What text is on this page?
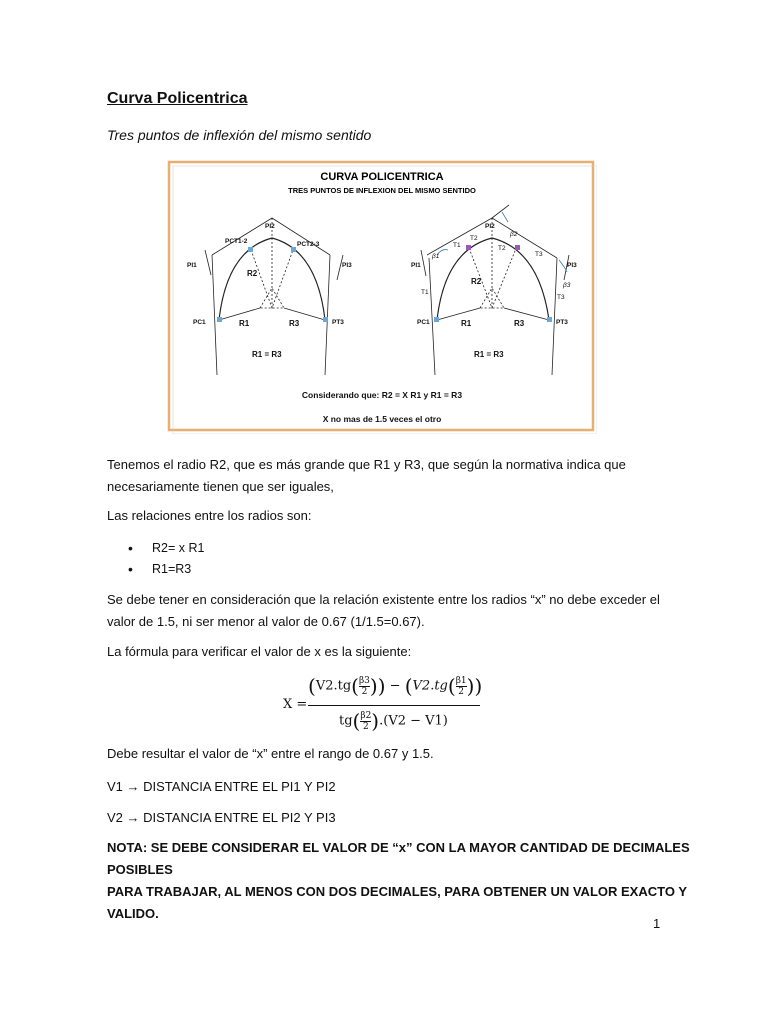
Curva Policentrica
Tres puntos de inflexión del mismo sentido
CURVA POLICENTRICA
TRES PUNTOS DE INFLEXION DEL MISMO SENTIDO
PI2
PCT1-2	PCT2-3
PI1	PI3
R2
PC1	R1	R3	PT3
R1 = R3
PI2
β2
T1
T2
T2
T3
β1
PI1	PI3
β3
T1
T3
R2
PC1	R1	R3	PT3
R1 = R3
Considerando que: R2 = X R1 y R1 = R3
X no mas de 1.5 veces el otro
Tenemos el radio R2, que es más grande que R1 y R3, que según la normativa indica que
necesariamente tienen que ser iguales,
Las relaciones entre los radios son:
• R2= x R1
• R1=R3
Se debe tener en consideración que la relación existente entre los radios “x” no debe exceder el
valor de 1.5, ni ser menor al valor de 0.67 (1/1.5=0.67).
La fórmula para verificar el valor de x es la siguiente:
X =
($V2.tg( \frac{\beta 3}{2}$ )) − ($V2.tg( \frac{\beta 1}{2}$ ))
$tg( \frac{\beta 2}{2} ).(V2 - V1)$
Debe resultar el valor de “x” entre el rango de 0.67 y 1.5.
V1 → DISTANCIA ENTRE EL PI1 Y PI2
V2 → DISTANCIA ENTRE EL PI2 Y PI3
NOTA: SE DEBE CONSIDERAR EL VALOR DE “x” CON LA MAYOR CANTIDAD DE DECIMALES POSIBLES
PARA TRABAJAR, AL MENOS CON DOS DECIMALES, PARA OBTENER UN VALOR EXACTO Y VALIDO.
1
